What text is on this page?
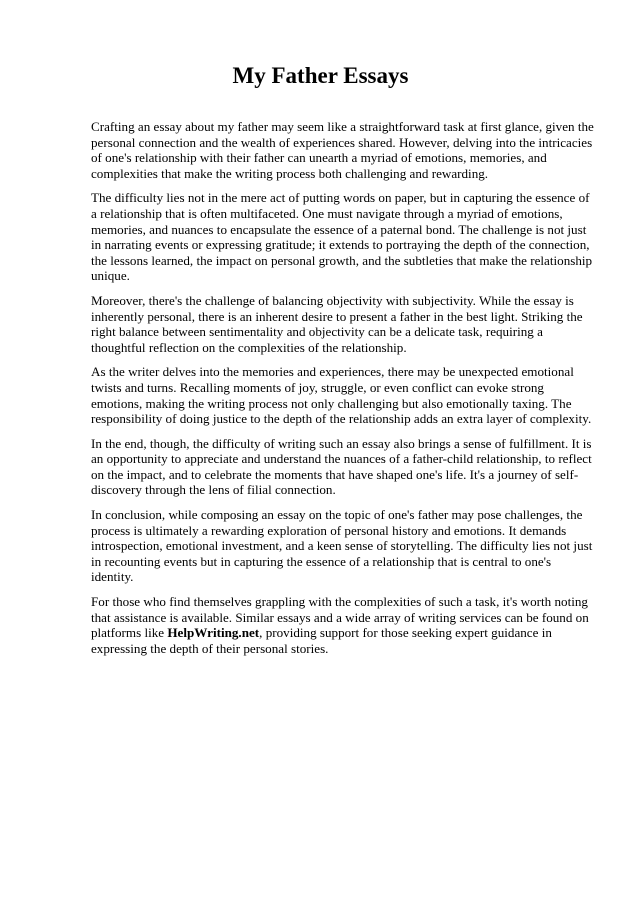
My Father Essays

Crafting an essay about my father may seem like a straightforward task at first glance, given the personal connection and the wealth of experiences shared. However, delving into the intricacies of one's relationship with their father can unearth a myriad of emotions, memories, and complexities that make the writing process both challenging and rewarding.

The difficulty lies not in the mere act of putting words on paper, but in capturing the essence of a relationship that is often multifaceted. One must navigate through a myriad of emotions, memories, and nuances to encapsulate the essence of a paternal bond. The challenge is not just in narrating events or expressing gratitude; it extends to portraying the depth of the connection, the lessons learned, the impact on personal growth, and the subtleties that make the relationship unique.

Moreover, there's the challenge of balancing objectivity with subjectivity. While the essay is inherently personal, there is an inherent desire to present a father in the best light. Striking the right balance between sentimentality and objectivity can be a delicate task, requiring a thoughtful reflection on the complexities of the relationship.

As the writer delves into the memories and experiences, there may be unexpected emotional twists and turns. Recalling moments of joy, struggle, or even conflict can evoke strong emotions, making the writing process not only challenging but also emotionally taxing. The responsibility of doing justice to the depth of the relationship adds an extra layer of complexity.

In the end, though, the difficulty of writing such an essay also brings a sense of fulfillment. It is an opportunity to appreciate and understand the nuances of a father-child relationship, to reflect on the impact, and to celebrate the moments that have shaped one's life. It's a journey of self-discovery through the lens of filial connection.

In conclusion, while composing an essay on the topic of one's father may pose challenges, the process is ultimately a rewarding exploration of personal history and emotions. It demands introspection, emotional investment, and a keen sense of storytelling. The difficulty lies not just in recounting events but in capturing the essence of a relationship that is central to one's identity.

For those who find themselves grappling with the complexities of such a task, it's worth noting that assistance is available. Similar essays and a wide array of writing services can be found on platforms like HelpWriting.net, providing support for those seeking expert guidance in expressing the depth of their personal stories.
